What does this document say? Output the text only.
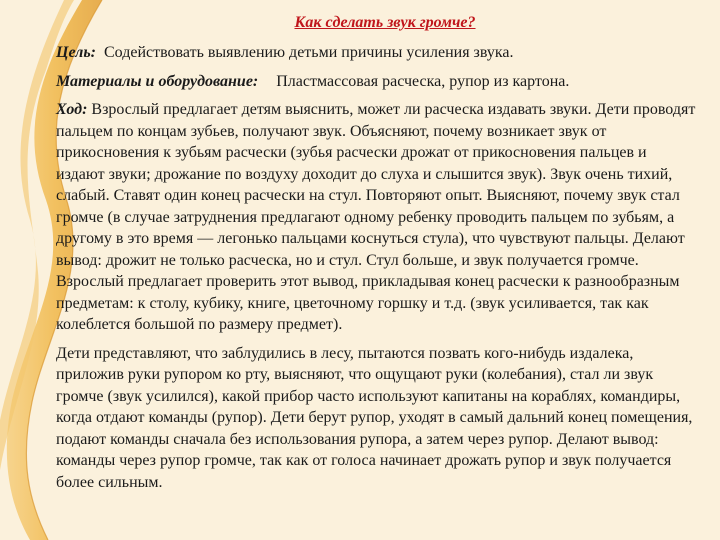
Как сделать звук громче?

Цель: Содействовать выявлению детьми причины усиления звука.

Материалы и оборудование: Пластмассовая расческа, рупор из картона.

Ход: Взрослый предлагает детям выяснить, может ли расческа издавать звуки. Дети проводят пальцем по концам зубьев, получают звук. Объясняют, почему возникает звук от прикосновения к зубьям расчески (зубья расчески дрожат от прикосновения пальцев и издают звуки; дрожание по воздуху доходит до слуха и слышится звук). Звук очень тихий, слабый. Ставят один конец расчески на стул. Повторяют опыт. Выясняют, почему звук стал громче (в случае затруднения предлагают одному ребенку проводить пальцем по зубьям, а другому в это время — легонько пальцами коснуться стула), что чувствуют пальцы. Делают вывод: дрожит не только расческа, но и стул. Стул больше, и звук получается громче. Взрослый предлагает проверить этот вывод, прикладывая конец расчески к разнообразным предметам: к столу, кубику, книге, цветочному горшку и т.д. (звук усиливается, так как колеблется большой по размеру предмет).

Дети представляют, что заблудились в лесу, пытаются позвать кого-нибудь издалека, приложив руки рупором ко рту, выясняют, что ощущают руки (колебания), стал ли звук громче (звук усилился), какой прибор часто используют капитаны на кораблях, командиры, когда отдают команды (рупор). Дети берут рупор, уходят в самый дальний конец помещения, подают команды сначала без использования рупора, а затем через рупор. Делают вывод: команды через рупор громче, так как от голоса начинает дрожать рупор и звук получается более сильным.
